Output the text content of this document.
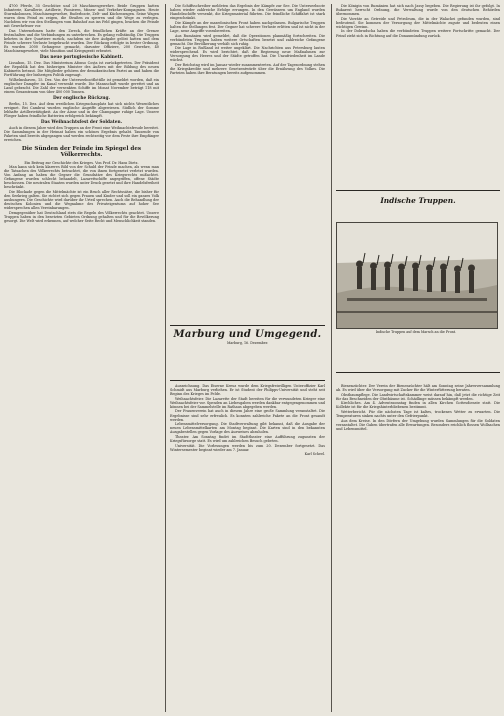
4700 Pferde, 35 Geschütze und 20 Maschinengewehre. Beide Gruppen hatten Infanterie, Kavallerie, Artillerie, Pionieren, Minen- und Verkehrs-Kompagnien. Heute Sturmkolonnen, Maschinengewehre, Ruderboote, Zelt- und Küchenwagen. Seine Wagen waren dem Feind zu zeigen, die Straßen zu sperren und die Wege zu verlegen. Nachdem wir von den Stellungen vom Bahnhof aus ins Feld gingen, brachen die Feinde mit Gewehrfeuer vor.

Das Unternehmen hatte den Zweck, die feindlichen Kräfte an der Grenze festzuhalten und die Verbindungen zu unterbrechen. Es gelang vollständig. Die Truppen kehrten in ihre Quartiere zurück, nachdem sie ihre Aufgabe gelöst hatten und dem Feinde schwere Verluste beigebracht wurden. Der Rückzug erfolgte in bester Ordnung. Es wurden 2000 Gefangene gemacht, darunter Offiziere, 200 Gewehre, 40 Maschinengewehre, viele Munition und Kriegsgerät erbeutet.

Das neue portugiesische Kabinett.

Lissabon, 15. Dez. Das Ministerium Afonso Costa ist zurückgetreten. Der Präsident der Republik hat den bisherigen Minister des Äußern mit der Bildung des neuen Kabinetts betraut. Die Mitglieder gehören der demokratischen Partei an und haben die Fortführung der bisherigen Politik zugesagt.

Wilhelmshaven, 15. Dez. Von der Unterseebootflottille ist gemeldet worden, daß ein englischer Dampfer im Kanal versenkt wurde. Die Mannschaft wurde gerettet und an Land gebracht. Die Zahl der versenkten Schiffe im Monat November beträgt 118 mit einem Gesamtraum von über 400 000 Tonnen.

Der englische Rückzug.

Berlin, 15. Dez. Auf dem westlichen Kriegsschauplatz hat sich nichts Wesentliches ereignet. Bei Cambrai wurden englische Angriffe abgewiesen. Südlich der Somme lebhafte Artillerietätigkeit. An der Aisne und in der Champagne ruhige Lage. Unsere Flieger haben feindliche Batterien erfolgreich bekämpft.

Das Weihnachtsfest der Soldaten.

Auch in diesem Jahre wird den Truppen an der Front eine Weihnachtsfreude bereitet. Die Sammlungen in der Heimat haben ein schönes Ergebnis gehabt. Tausende von Paketen sind bereits abgegangen und werden rechtzeitig vor dem Feste ihre Empfänger erreichen.

Die Sünden der Feinde im Spiegel des Völkerrechts.

Ein Beitrag zur Geschichte des Krieges. Von Prof. Dr. Hans Dietz.

Man kann sich kein klareres Bild von der Schuld der Feinde machen, als wenn man die Tatsachen des Völkerrechts betrachtet, die von ihnen fortgesetzt verletzt wurden. Von Anfang an haben die Gegner die Grundsätze des Kriegsrechts mißachtet. Gefangene wurden schlecht behandelt, Lazarettschiffe angegriffen, offene Städte beschossen. Die neutralen Staaten wurden unter Druck gesetzt und ihre Handelsfreiheit beschränkt.

Die Blockade gegen die Mittelmächte ist ein Bruch aller Rechtssätze, die bisher für den Seekrieg galten. Sie richtet sich gegen Frauen und Kinder und soll ein ganzes Volk aushungern. Die Geschichte wird darüber ihr Urteil sprechen. Auch die Behandlung der deutschen Kolonien und die Wegnahme des Privateigentums auf hoher See widersprechen allen Vereinbarungen.

Demgegenüber hat Deutschland stets die Regeln des Völkerrechts geachtet. Unsere Truppen haben in den besetzten Gebieten Ordnung gehalten und für die Bevölkerung gesorgt. Die Welt wird erkennen, auf welcher Seite Recht und Menschlichkeit standen.

Die Schiffsschreiber meldeten das Ergebnis der Kämpfe zur See. Die Unterseeboote haben wieder zahlreiche Erfolge errungen. In den Gewässern um England wurden Handelsschiffe versenkt, die Kriegsmaterial führten. Die feindliche Schiffahrt ist stark eingeschränkt.

Die Kämpfe an der mazedonischen Front haben nachgelassen. Bulgarische Truppen halten die Stellungen fest. Der Gegner hat schwere Verluste erlitten und ist nicht in der Lage, neue Angriffe vorzubereiten.

Aus Rumänien wird gemeldet, daß die Operationen planmäßig fortschreiten. Die verbündeten Truppen haben weitere Ortschaften besetzt und zahlreiche Gefangene gemacht. Die Bevölkerung verhält sich ruhig.

Die Lage in Rußland ist weiter ungeklärt. Die Nachrichten aus Petersburg lauten widersprechend. Es wird berichtet, daß die Regierung neue Maßnahmen zur Versorgung des Heeres und der Städte getroffen hat. Die Unzufriedenheit im Lande wächst.

Der Reichstag wird im Januar wieder zusammentreten. Auf der Tagesordnung stehen die Kriegskredite und mehrere Gesetzentwürfe über die Ernährung des Volkes. Die Parteien haben ihre Beratungen bereits aufgenommen.

Marburg und Umgegend.
Marburg, 16. Dezember.

Auszeichnung. Das Eiserne Kreuz wurde dem Kriegsfreiwilligen Unteroffizier Karl Schmidt aus Marburg verliehen. Er ist Student der Philipps-Universität und steht seit Beginn des Krieges im Felde.

Weihnachtsfeier. Die Lazarette der Stadt bereiten für die verwundeten Krieger eine Weihnachtsfeier vor. Spenden an Liebesgaben werden dankbar entgegengenommen und können bei der Sammelstelle im Rathaus abgegeben werden.

Der Frauenverein hat auch in diesem Jahre eine große Sammlung veranstaltet. Die Ergebnisse sind sehr erfreulich. Es konnten zahlreiche Pakete an die Front gesandt werden.

Lebensmittelversorgung. Die Stadtverwaltung gibt bekannt, daß die Ausgabe der neuen Lebensmittelkarten am Montag beginnt. Die Karten sind in den bekannten Ausgabestellen gegen Vorlage des Ausweises abzuholen.

Theater. Am Sonntag findet im Stadttheater eine Aufführung zugunsten der Kriegsfürsorge statt. Es wird um zahlreichen Besuch gebeten.

Universität. Die Vorlesungen werden bis zum 20. Dezember fortgesetzt. Das Wintersemester beginnt wieder am 7. Januar.

Karl Scheel.

Die Königin von Rumänien hat sich nach Jassy begeben. Die Regierung ist ihr gefolgt. In Bukarest herrscht Ordnung, die Verwaltung wurde von den deutschen Behörden übernommen.

Die Vorräte an Getreide und Petroleum, die in der Walachei gefunden wurden, sind bedeutend. Sie kommen der Versorgung der Mittelmächte zugute und bedeuten einen wichtigen Gewinn.

In der Dobrudscha haben die verbündeten Truppen weitere Fortschritte gemacht. Der Feind zieht sich in Richtung auf die Donaumündung zurück.

Indische Truppen.
Indische Truppen auf dem Marsch an die Front.

Bienenzüchter. Der Verein der Bienenzüchter hält am Sonntag seine Jahresversammlung ab. Es wird über die Versorgung mit Zucker für die Winterfütterung beraten.

Obstbaumpflege. Die Landwirtschaftskammer weist darauf hin, daß jetzt die richtige Zeit für das Beschneiden der Obstbäume ist. Schädlinge müssen bekämpft werden.

Kirchliches. Am 4. Adventssonntag finden in allen Kirchen Gottesdienste statt. Die Kollekte ist für die Kriegshinterbliebenen bestimmt.

Wetterbericht. Für die nächsten Tage ist kaltes, trockenes Wetter zu erwarten. Die Temperaturen sinken nachts unter den Gefrierpunkt.

Aus dem Kreise. In den Dörfern der Umgebung wurden Sammlungen für die Soldaten veranstaltet. Die Gaben übertrafen alle Erwartungen. Besonders reichlich flossen Wollsachen und Lebensmittel.
